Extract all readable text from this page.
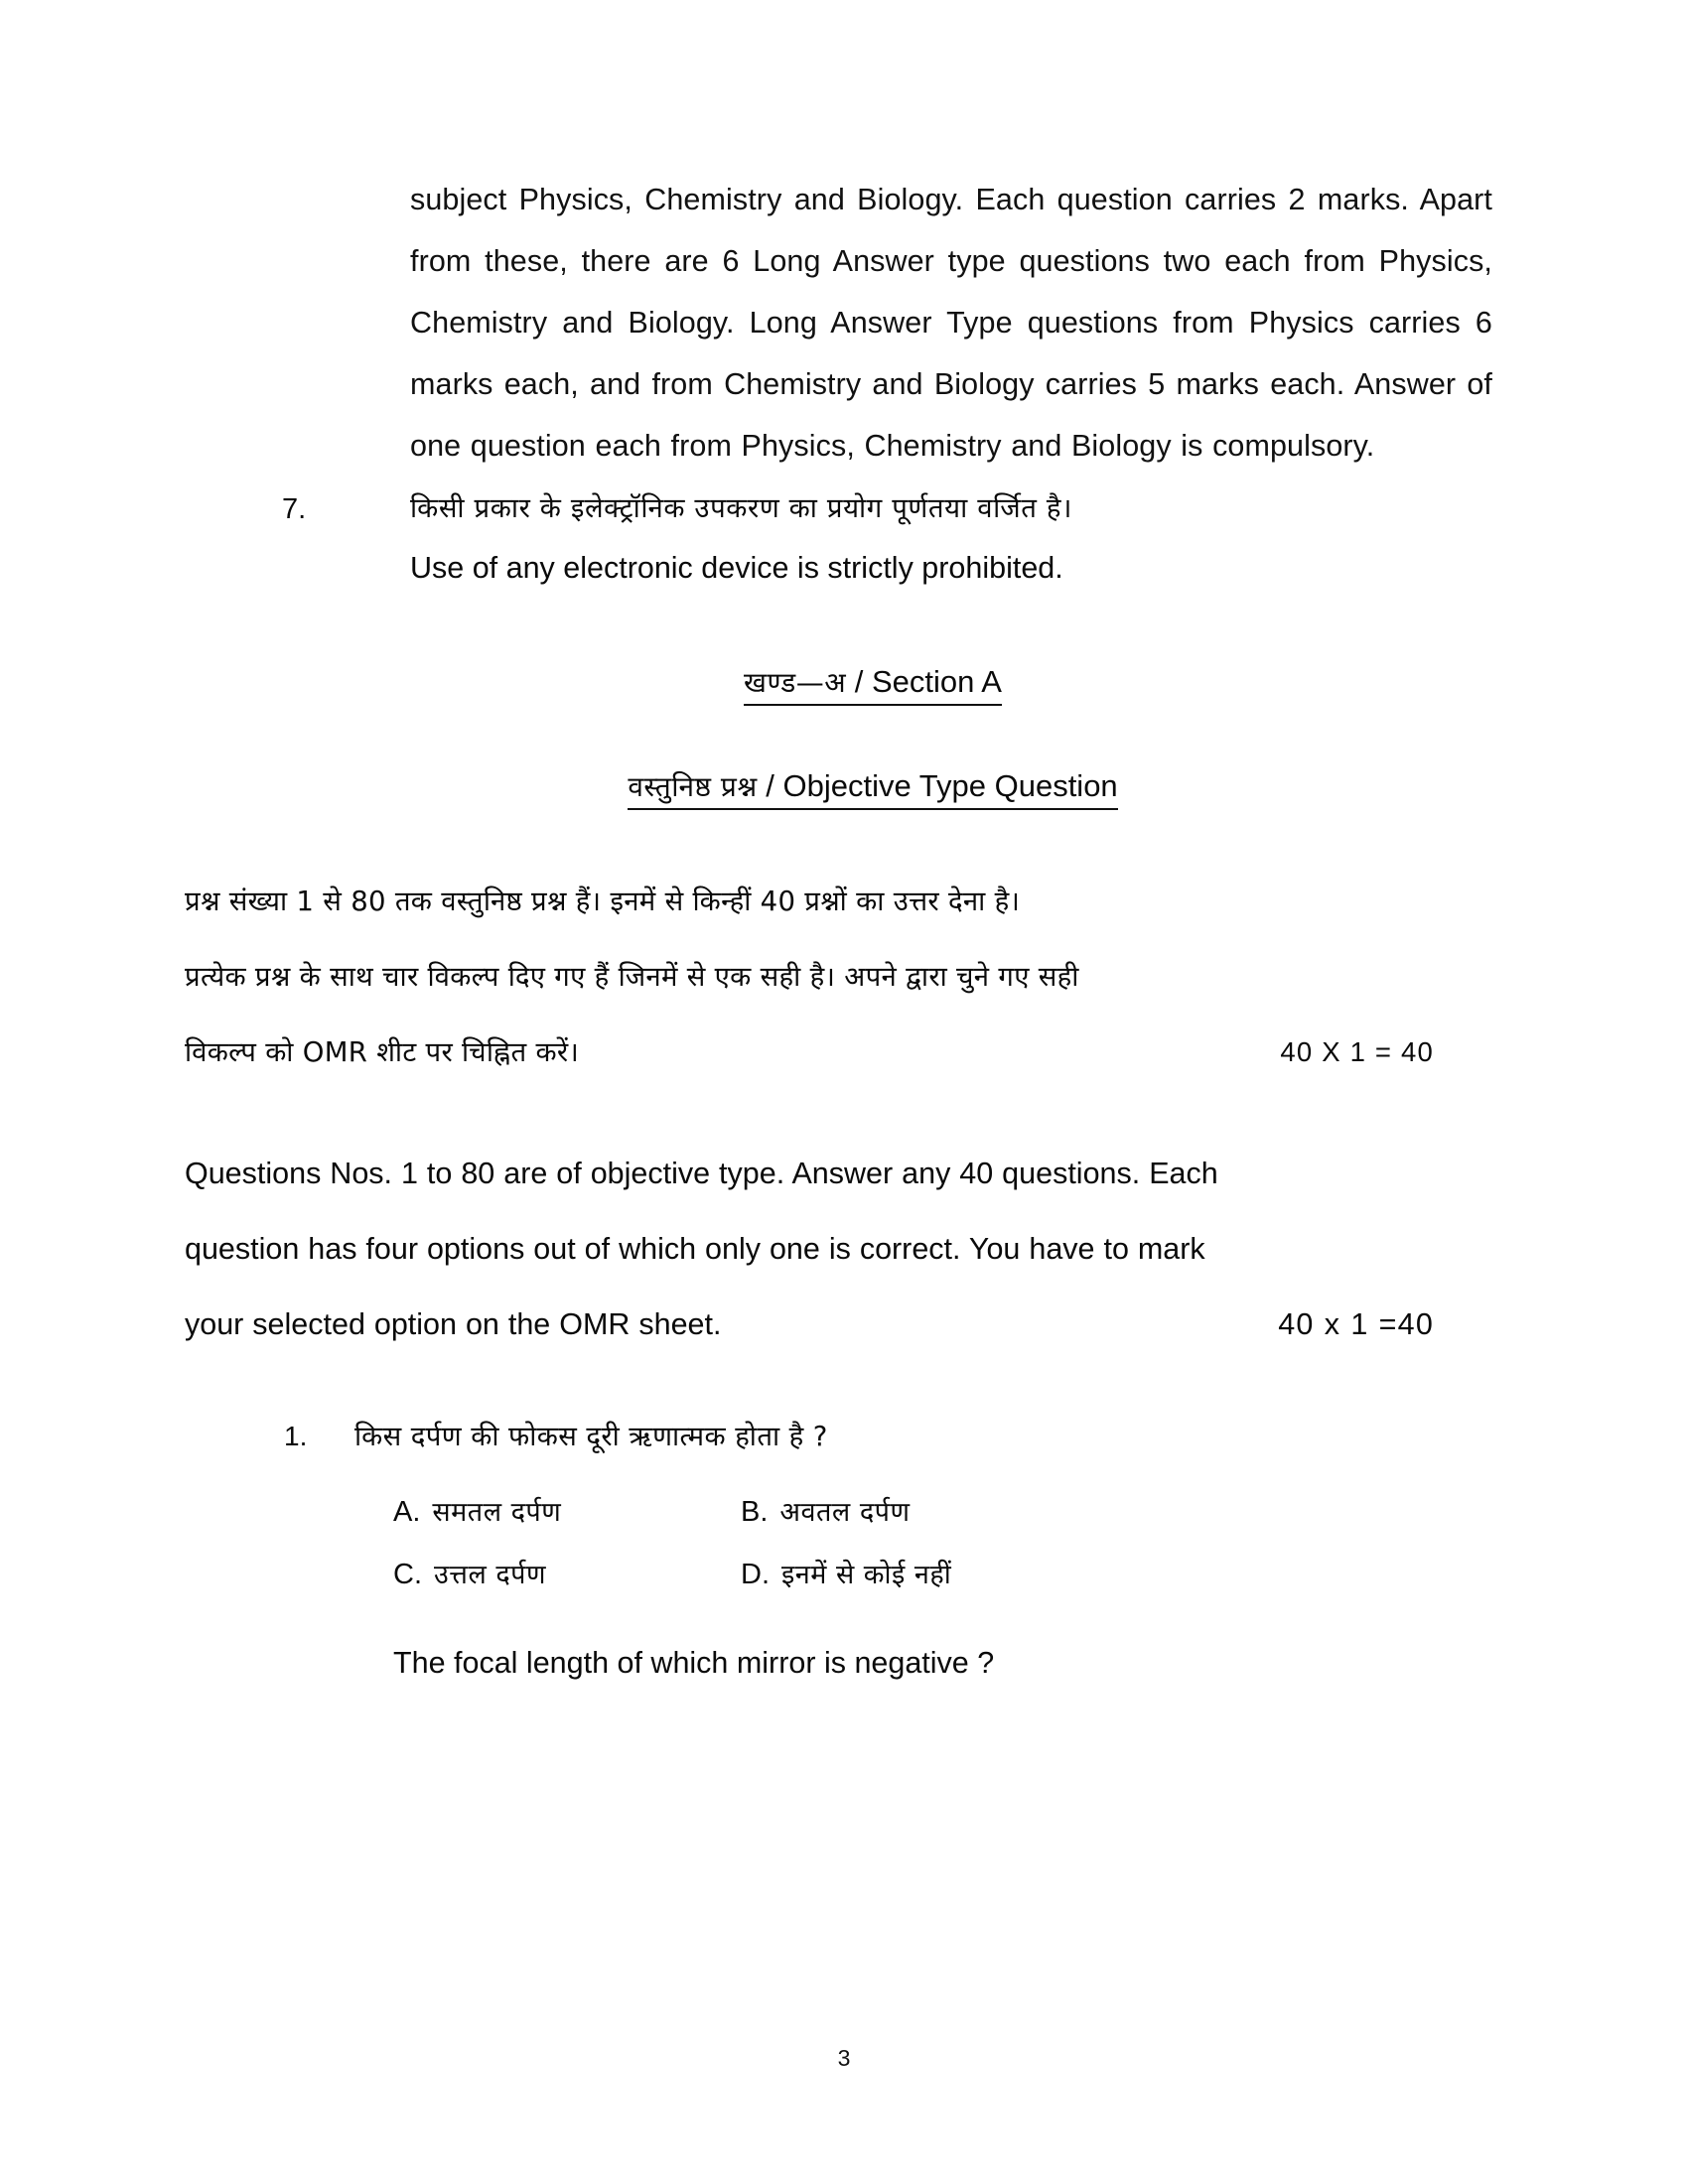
subject Physics, Chemistry and Biology. Each question carries 2 marks. Apart from these, there are 6 Long Answer type questions two each from Physics, Chemistry and Biology. Long Answer Type questions from Physics carries 6 marks each, and from Chemistry and Biology carries 5 marks each. Answer of one question each from Physics, Chemistry and Biology is compulsory.
7.	किसी प्रकार के इलेक्ट्रॉनिक उपकरण का प्रयोग पूर्णतया वर्जित है।
Use of any electronic device is strictly prohibited.
खण्ड—अ / Section A
वस्तुनिष्ठ प्रश्न / Objective Type Question
प्रश्न संख्या 1 से 80 तक वस्तुनिष्ठ प्रश्न हैं। इनमें से किन्हीं 40 प्रश्नों का उत्तर देना है।
प्रत्येक प्रश्न के साथ चार विकल्प दिए गए हैं जिनमें से एक सही है। अपने द्वारा चुने गए सही
विकल्प को OMR शीट पर चिह्नित करें।	40 X 1 = 40
Questions Nos. 1 to 80 are of objective type. Answer any 40 questions. Each
question has four options out of which only one is correct. You have to mark
your selected option on the OMR sheet.	40 x 1 =40
1.	किस दर्पण की फोकस दूरी ऋणात्मक होता है ?
A. समतल दर्पण	B. अवतल दर्पण
C. उत्तल दर्पण	D. इनमें से कोई नहीं
The focal length of which mirror is negative ?
3
